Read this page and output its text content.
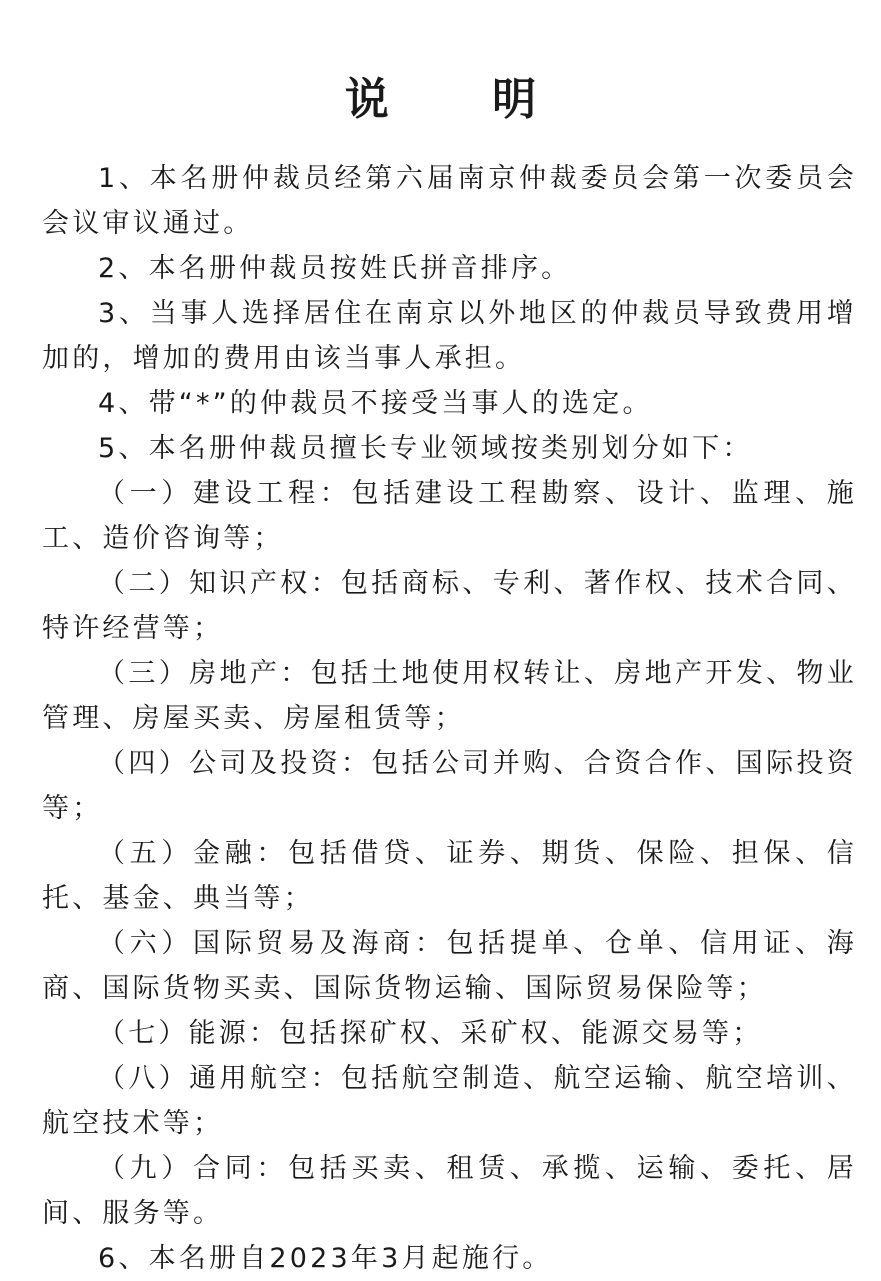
说 明

1、本名册仲裁员经第六届南京仲裁委员会第一次委员会会议审议通过。

2、本名册仲裁员按姓氏拼音排序。

3、当事人选择居住在南京以外地区的仲裁员导致费用增加的，增加的费用由该当事人承担。

4、带“*”的仲裁员不接受当事人的选定。

5、本名册仲裁员擅长专业领域按类别划分如下：

（一）建设工程：包括建设工程勘察、设计、监理、施工、造价咨询等；

（二）知识产权：包括商标、专利、著作权、技术合同、特许经营等；

（三）房地产：包括土地使用权转让、房地产开发、物业管理、房屋买卖、房屋租赁等；

（四）公司及投资：包括公司并购、合资合作、国际投资等；

（五）金融：包括借贷、证券、期货、保险、担保、信托、基金、典当等；

（六）国际贸易及海商：包括提单、仓单、信用证、海商、国际货物买卖、国际货物运输、国际贸易保险等；

（七）能源：包括探矿权、采矿权、能源交易等；

（八）通用航空：包括航空制造、航空运输、航空培训、航空技术等；

（九）合同：包括买卖、租赁、承揽、运输、委托、居间、服务等。

6、本名册自2023年3月起施行。
